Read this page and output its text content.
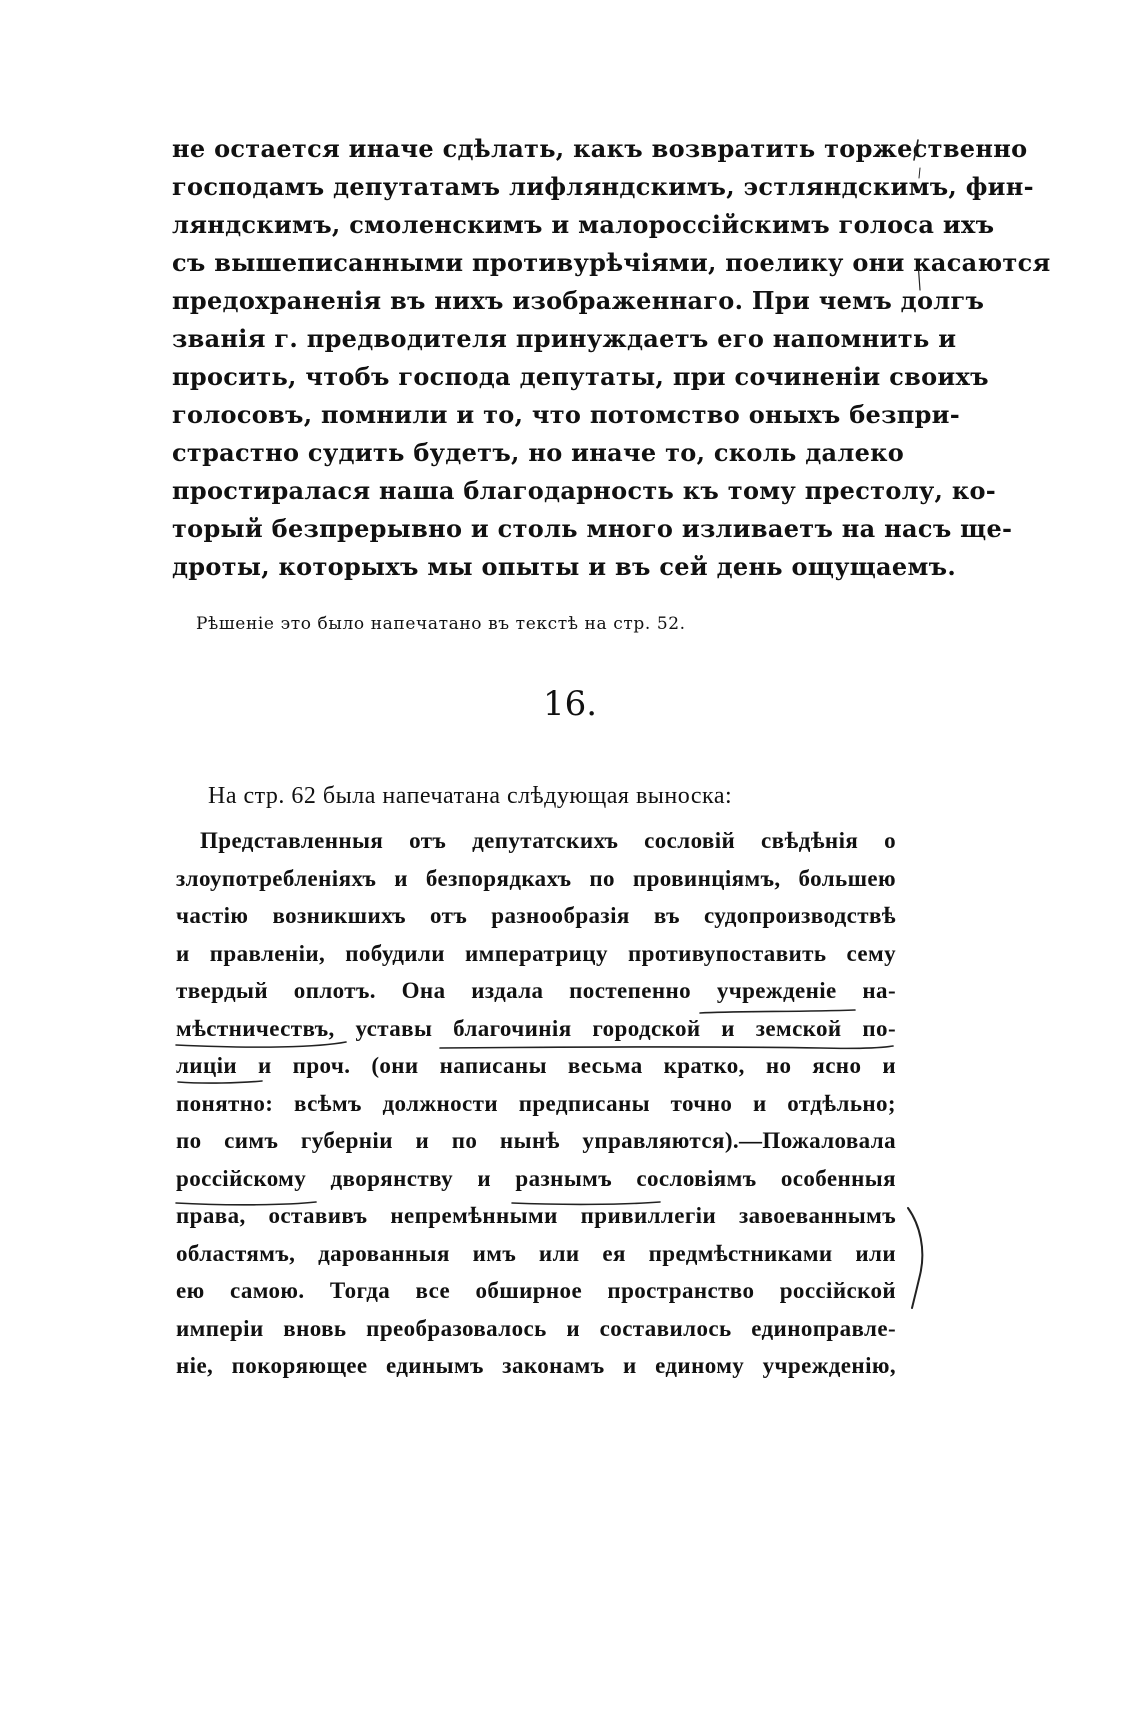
не остается иначе сдѣлать, какъ возвратить торжественно
господамъ депутатамъ лифляндскимъ, эстляндскимъ, фин-
ляндскимъ, смоленскимъ и малороссійскимъ голоса ихъ
съ вышеписанными противурѣчіями, поелику они касаются
предохраненія въ нихъ изображеннаго. При чемъ долгъ
званія г. предводителя принуждаетъ его напомнить и
просить, чтобъ господа депутаты, при сочиненіи своихъ
голосовъ, помнили и то, что потомство оныхъ безпри-
страстно судить будетъ, но иначе то, сколь далеко
простиралася наша благодарность къ тому престолу, ко-
торый безпрерывно и столь много изливаетъ на насъ ще-
дроты, которыхъ мы опыты и въ сей день ощущаемъ.
Рѣшеніе это было напечатано въ текстѣ на стр. 52.
16.
На стр. 62 была напечатана слѣдующая выноска:
Представленныя отъ депутатскихъ сословій свѣдѣнія о
злоупотребленіяхъ и безпорядкахъ по провинціямъ, большею
частію возникшихъ отъ разнообразія въ судопроизводствѣ
и правленіи, побудили императрицу противупоставить сему
твердый оплотъ. Она издала постепенно учрежденіе на-
мѣстничествъ, уставы благочинія городской и земской по-
лиціи и проч. (они написаны весьма кратко, но ясно и
понятно: всѣмъ должности предписаны точно и отдѣльно;
по симъ губерніи и по нынѣ управляются).—Пожаловала
россійскому дворянству и разнымъ сословіямъ особенныя
права, оставивъ непремѣнными привиллегіи завоеваннымъ
областямъ, дарованныя имъ или ея предмѣстниками или
ею самою. Тогда все обширное пространство россійской
имперіи вновь преобразовалось и составилось единоправле-
ніе, покоряющее единымъ законамъ и единому учрежденію,
